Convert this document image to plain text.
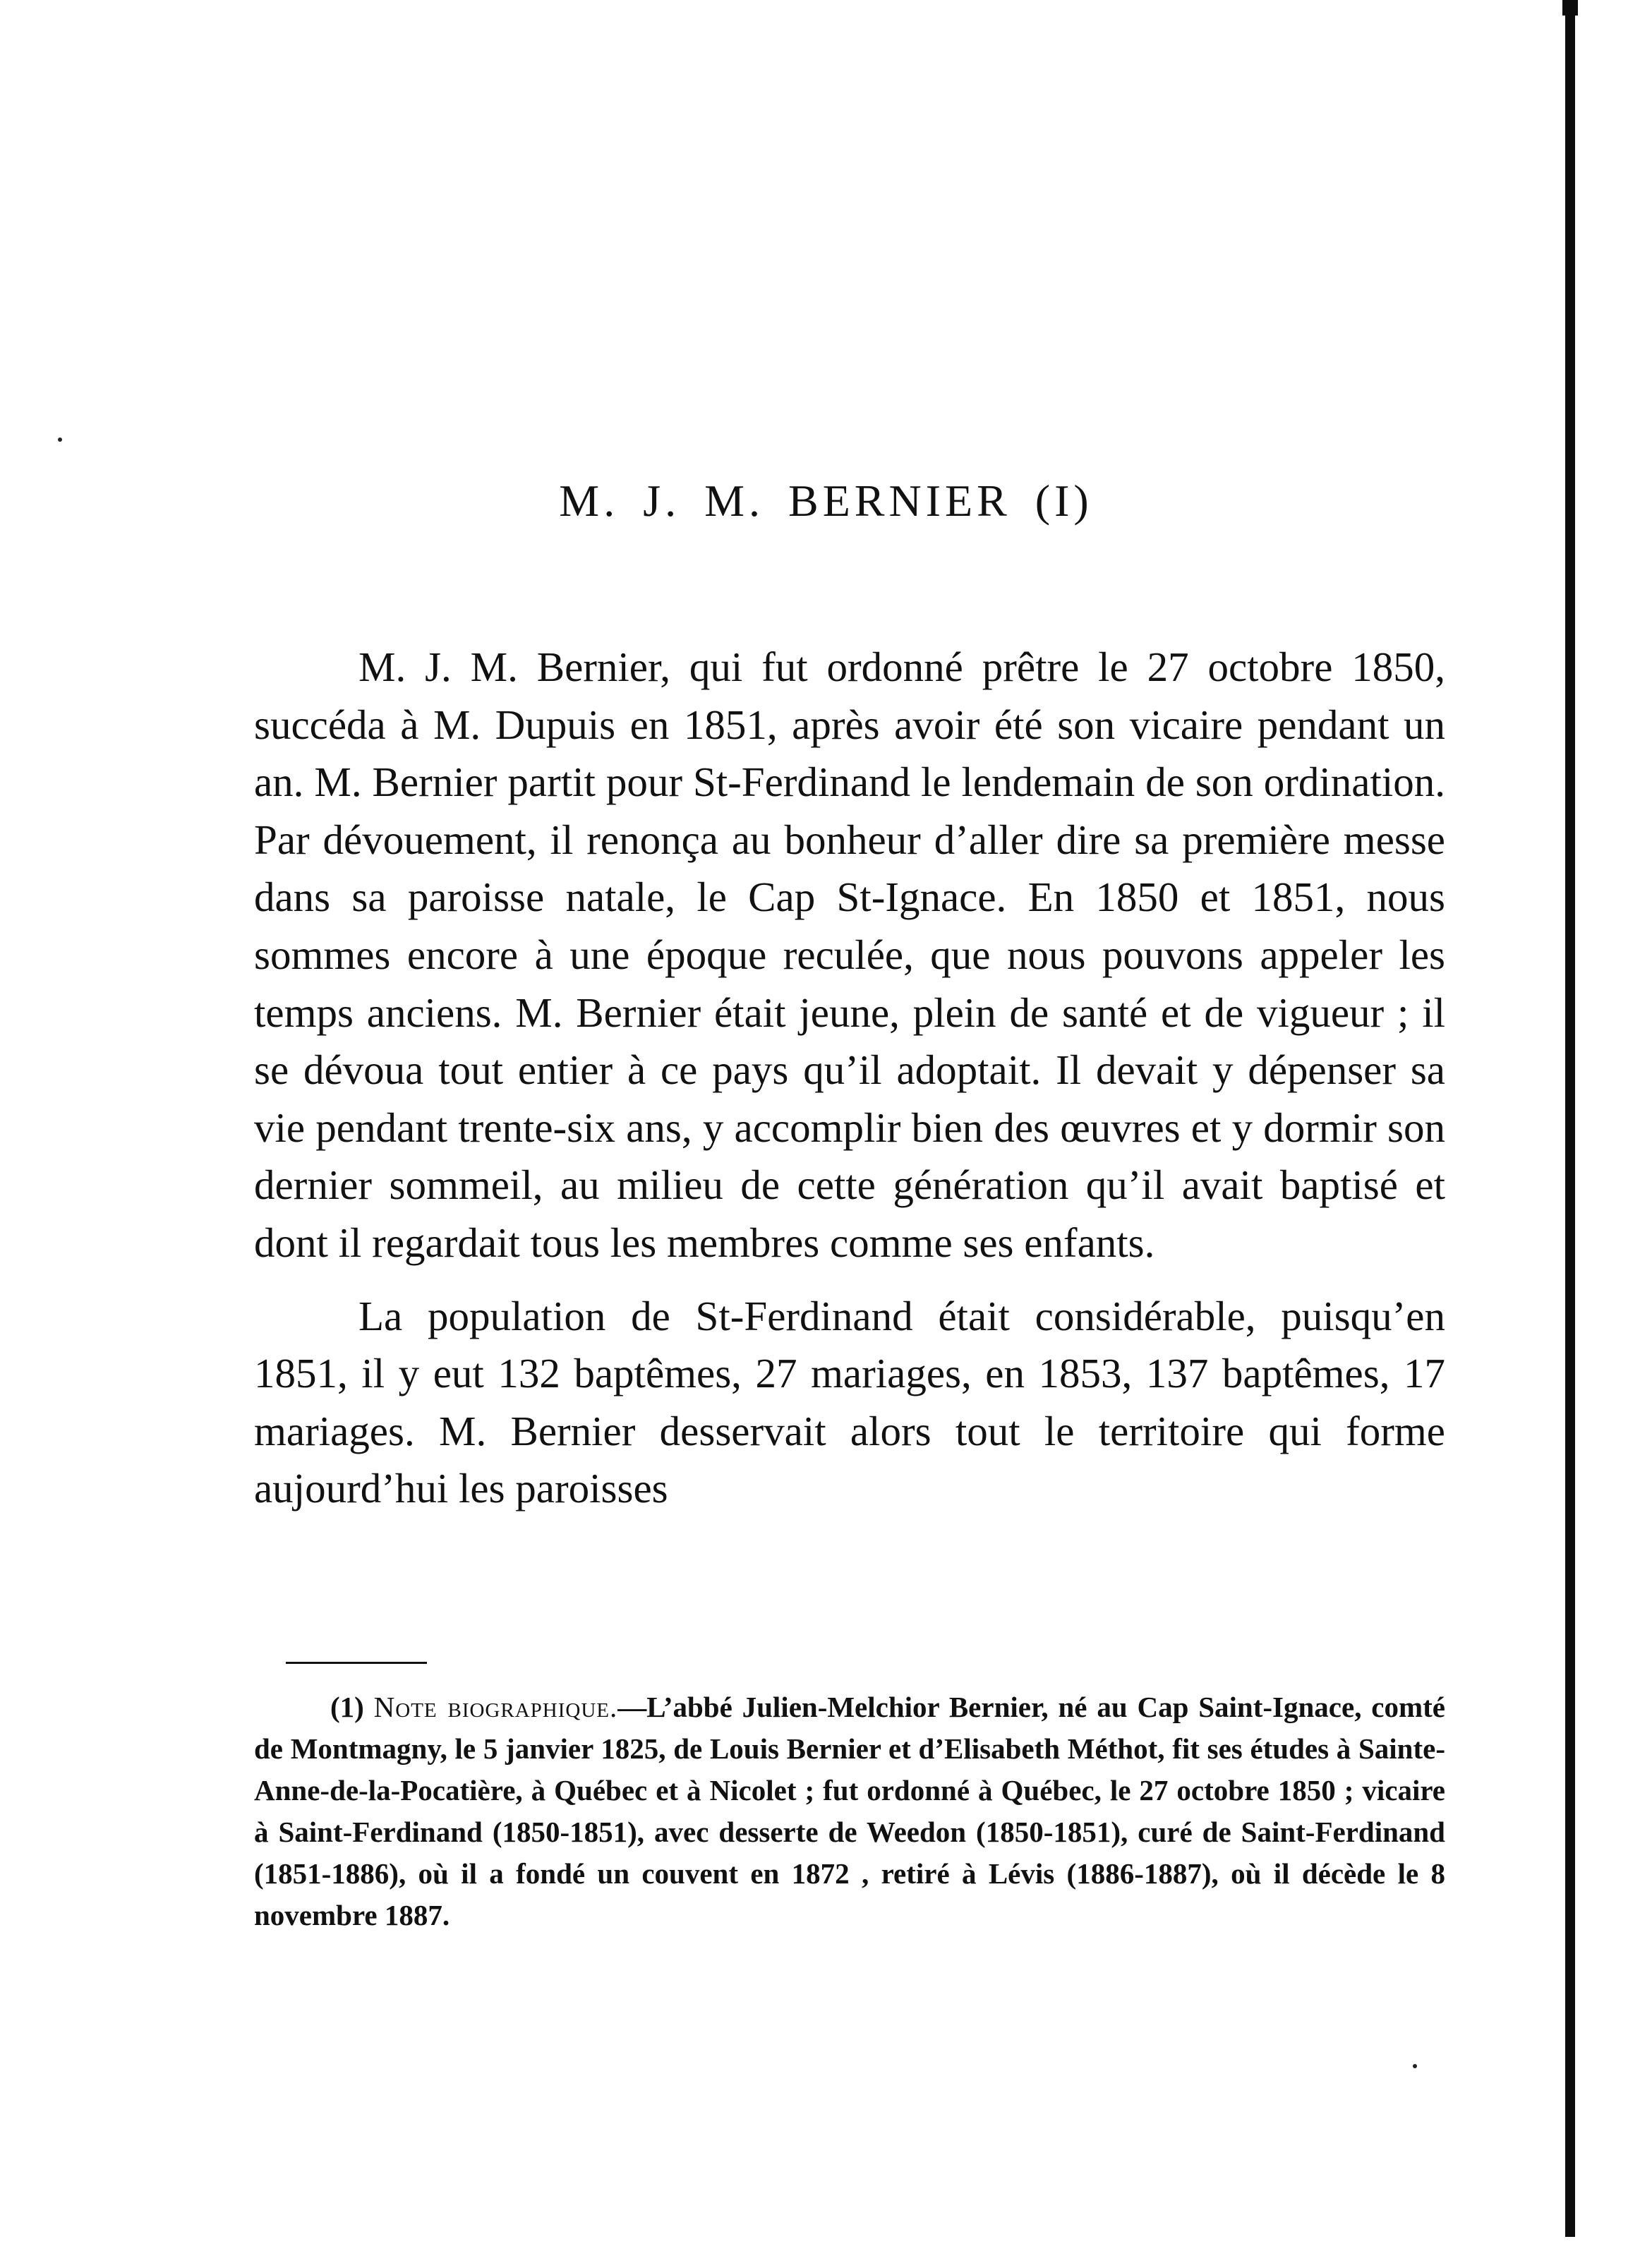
M. J. M. BERNIER (I)

M. J. M. Bernier, qui fut ordonné prêtre le 27 octobre 1850, succéda à M. Dupuis en 1851, après avoir été son vicaire pendant un an. M. Bernier partit pour St-Ferdinand le lendemain de son ordination. Par dévouement, il renonça au bonheur d’aller dire sa première messe dans sa paroisse natale, le Cap St-Ignace. En 1850 et 1851, nous sommes encore à une époque reculée, que nous pouvons appeler les temps anciens. M. Bernier était jeune, plein de santé et de vigueur ; il se dévoua tout entier à ce pays qu’il adoptait. Il devait y dépenser sa vie pendant trente-six ans, y accomplir bien des œuvres et y dormir son dernier sommeil, au milieu de cette génération qu’il avait baptisé et dont il regardait tous les membres comme ses enfants.

La population de St-Ferdinand était considérable, puisqu’en 1851, il y eut 132 baptêmes, 27 mariages, en 1853, 137 baptêmes, 17 mariages. M. Bernier desservait alors tout le territoire qui forme aujourd’hui les paroisses

(1) Note biographique.—L’abbé Julien-Melchior Bernier, né au Cap Saint-Ignace, comté de Montmagny, le 5 janvier 1825, de Louis Bernier et d’Elisabeth Méthot, fit ses études à Sainte-Anne-de-la-Pocatière, à Québec et à Nicolet ; fut ordonné à Québec, le 27 octobre 1850 ; vicaire à Saint-Ferdinand (1850-1851), avec desserte de Weedon (1850-1851), curé de Saint-Ferdinand (1851-1886), où il a fondé un couvent en 1872 , retiré à Lévis (1886-1887), où il décède le 8 novembre 1887.
